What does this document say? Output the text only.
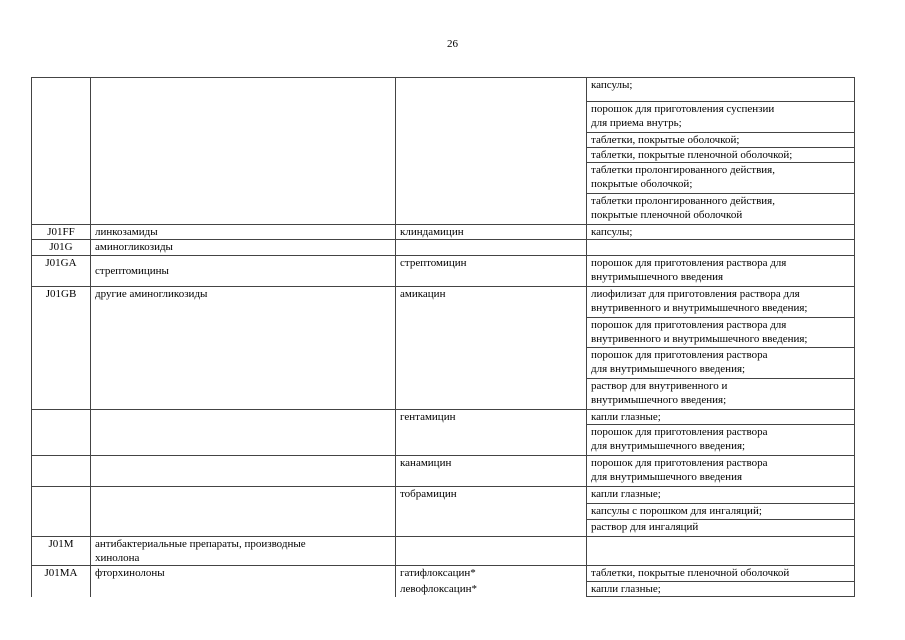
26
			капсулы;
			порошок для приготовления суспензии
для приема внутрь;
			таблетки, покрытые оболочкой;
			таблетки, покрытые пленочной оболочкой;
			таблетки пролонгированного действия,
покрытые оболочкой;
			таблетки пролонгированного действия,
покрытые пленочной оболочкой
J01FF	линкозамиды	клиндамицин	капсулы;
J01G	аминогликозиды		
J01GA	стрептомицины	стрептомицин	порошок для приготовления раствора для
внутримышечного введения
J01GB	другие аминогликозиды	амикацин	лиофилизат для приготовления раствора для
внутривенного и внутримышечного введения;
			порошок для приготовления раствора для
внутривенного и внутримышечного введения;
			порошок для приготовления раствора
для внутримышечного введения;
			раствор для внутривенного и
внутримышечного введения;
		гентамицин	капли глазные;
			порошок для приготовления раствора
для внутримышечного введения;
		канамицин	порошок для приготовления раствора
для внутримышечного введения
		тобрамицин	капли глазные;
			капсулы с порошком для ингаляций;
			раствор для ингаляций
J01M	антибактериальные препараты, производные
хинолона		
J01MA	фторхинолоны	гатифлоксацин*	таблетки, покрытые пленочной оболочкой
		левофлоксацин*	капли глазные;
